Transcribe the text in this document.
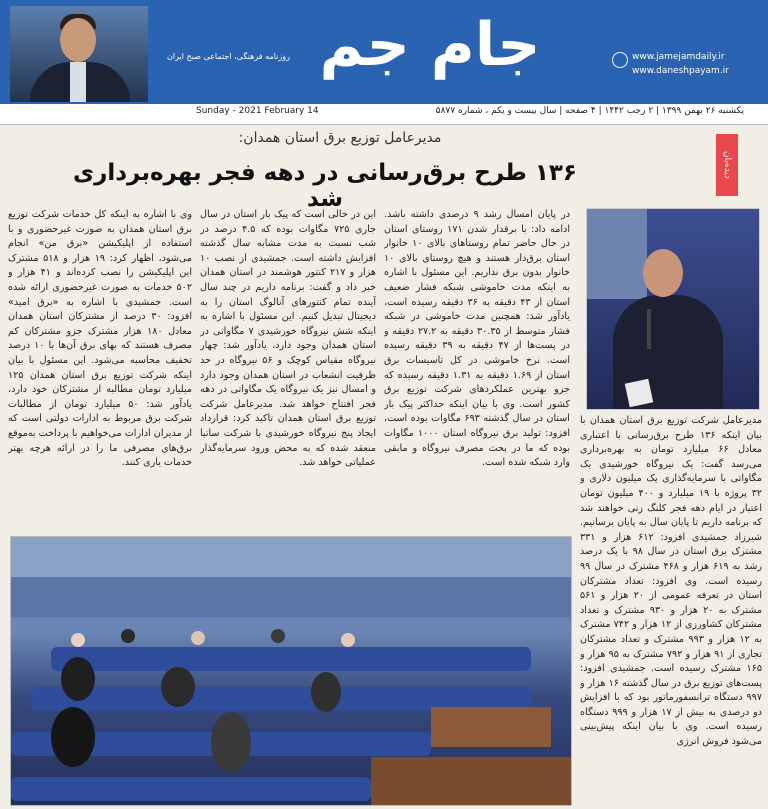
روزنامه فرهنگی، اجتماعی صبح ایران جام جم	www.jamejamdaily.ir
www.daneshpayam.ir
Sunday - 2021 February 14	یکشنبه ۲۶ بهمن ۱۳۹۹ | ۲ رجب ۱۴۴۲ | ۴ صفحه | سال بیست و یکم ، شماره ۵۸۷۷
دیده‌بان
مدیرعامل توزیع برق استان همدان:
۱۳۶ طرح برق‌رسانی در دهه فجر بهره‌برداری شد

در پایان امسال رشد ۹ درصدی داشته باشد. ادامه داد: با برقدار شدن ۱۷۱ روستای استان در حال حاضر تمام روستاهای بالای ۱۰ خانوار استان برق‌دار هستند و هیچ روستای بالای ۱۰ خانوار بدون برق نداریم. این مسئول با اشاره به اینکه مدت خاموشی شبکه فشار ضعیف استان از ۴۳ دقیقه به ۳۶ دقیقه رسیده است، یادآور شد: همچنین مدت خاموشی در شبکه فشار متوسط از ۳۰.۳۵ دقیقه به ۲۷.۲ دقیقه و در پست‌ها از ۴۷ دقیقه به ۳۹ دقیقه رسیده است. نرخ خاموشی در کل تاسیسات برق استان از ۱.۶۹ دقیقه به ۱.۳۱ دقیقه رسیده که جزو بهترین عملکردهای شرکت توزیع برق کشور است. وی با بیان اینکه حداکثر پیک بار استان در سال گذشته ۶۹۳ مگاوات بوده است، افزود: تولید برق نیروگاه استان ۱۰۰۰ مگاوات بوده که ما در بحث مصرف نیروگاه و مابقی وارد شبکه شده است.

این در حالی است که پیک بار استان در سال جاری ۷۲۵ مگاوات بوده که ۴.۵ درصد در شب نسبت به مدت مشابه سال گذشته افزایش داشته است. جمشیدی از نصب ۱۰ هزار و ۲۱۷ کنتور هوشمند در استان همدان خبر داد و گفت: برنامه داریم در چند سال آینده تمام کنتورهای آنالوگ استان را به دیجیتال تبدیل کنیم. این مسئول با اشاره به اینکه شش نیروگاه خورشیدی ۷ مگاواتی در استان همدان وجود دارد، یادآور شد: چهار نیروگاه مقیاس کوچک و ۵۶ نیروگاه در حد ظرفیت انشعاب در استان همدان وجود دارد و امسال نیز یک نیروگاه یک مگاواتی در دهه فجر افتتاح خواهد شد. مدیرعامل شرکت توزیع برق استان همدان تاکید کرد: قرارداد ایجاد پنج نیروگاه خورشیدی با شرکت ساتبا منعقد شده که به محض ورود سرمایه‌گذار عملیاتی خواهد شد.

وی با اشاره به اینکه کل خدمات شرکت توزیع برق استان همدان به صورت غیرحضوری و با استفاده از اپلیکیشن «برق من» انجام می‌شود، اظهار کرد: ۱۹ هزار و ۵۱۸ مشترک این اپلیکیشن را نصب کرده‌اند و ۴۱ هزار و ۵۰۲ خدمات به صورت غیرحضوری ارائه شده است. جمشیدی با اشاره به «برق امید» افزود: ۳۰ درصد از مشترکان استان همدان معادل ۱۸۰ هزار مشترک جزو مشترکان کم مصرف هستند که بهای برق آن‌ها با ۱۰ درصد تخفیف محاسبه می‌شود. این مسئول با بیان اینکه شرکت توزیع برق استان همدان ۱۲۵ میلیارد تومان مطالبه از مشترکان خود دارد، یادآور شد: ۵۰ میلیارد تومان از مطالبات شرکت برق مربوط به ادارات دولتی است که از مدیران ادارات می‌خواهیم با پرداخت به‌موقع برق‌های مصرفی ما را در ارائه هرچه بهتر خدمات یاری کنند.

مدیرعامل شرکت توزیع برق استان همدان با بیان اینکه ۱۳۶ طرح برق‌رسانی با اعتباری معادل ۶۶ میلیارد تومان به بهره‌برداری می‌رسد گفت: یک نیروگاه خورشیدی یک مگاواتی با سرمایه‌گذاری یک میلیون دلاری و ۳۲ پروژه با ۱۹ میلیارد و ۴۰۰ میلیون تومان اعتبار در ایام دهه فجر کلنگ زنی خواهند شد که برنامه داریم تا پایان سال به پایان برسانیم. شیرزاد جمشیدی افزود: ۶۱۲ هزار و ۳۳۱ مشترک برق استان در سال ۹۸ با یک درصد رشد به ۶۱۹ هزار و ۴۶۸ مشترک در سال ۹۹ رسیده است. وی افزود: تعداد مشترکان استان در تعرفه عمومی از ۲۰ هزار و ۵۶۱ مشترک به ۲۰ هزار و ۹۳۰ مشترک و تعداد مشترکان کشاورزی از ۱۲ هزار و ۷۴۲ مشترک به ۱۲ هزار و ۹۹۳ مشترک و تعداد مشترکان تجاری از ۹۱ هزار و ۷۹۲ مشترک به ۹۵ هزار و ۱۶۵ مشترک رسیده است. جمشیدی افزود: پست‌های توزیع برق در سال گذشته ۱۶ هزار و ۹۹۷ دستگاه ترانسفورماتور بود که با افزایش دو درصدی به بیش از ۱۷ هزار و ۹۹۹ دستگاه رسیده است. وی با بیان اینکه پیش‌بینی می‌شود فروش انرژی
